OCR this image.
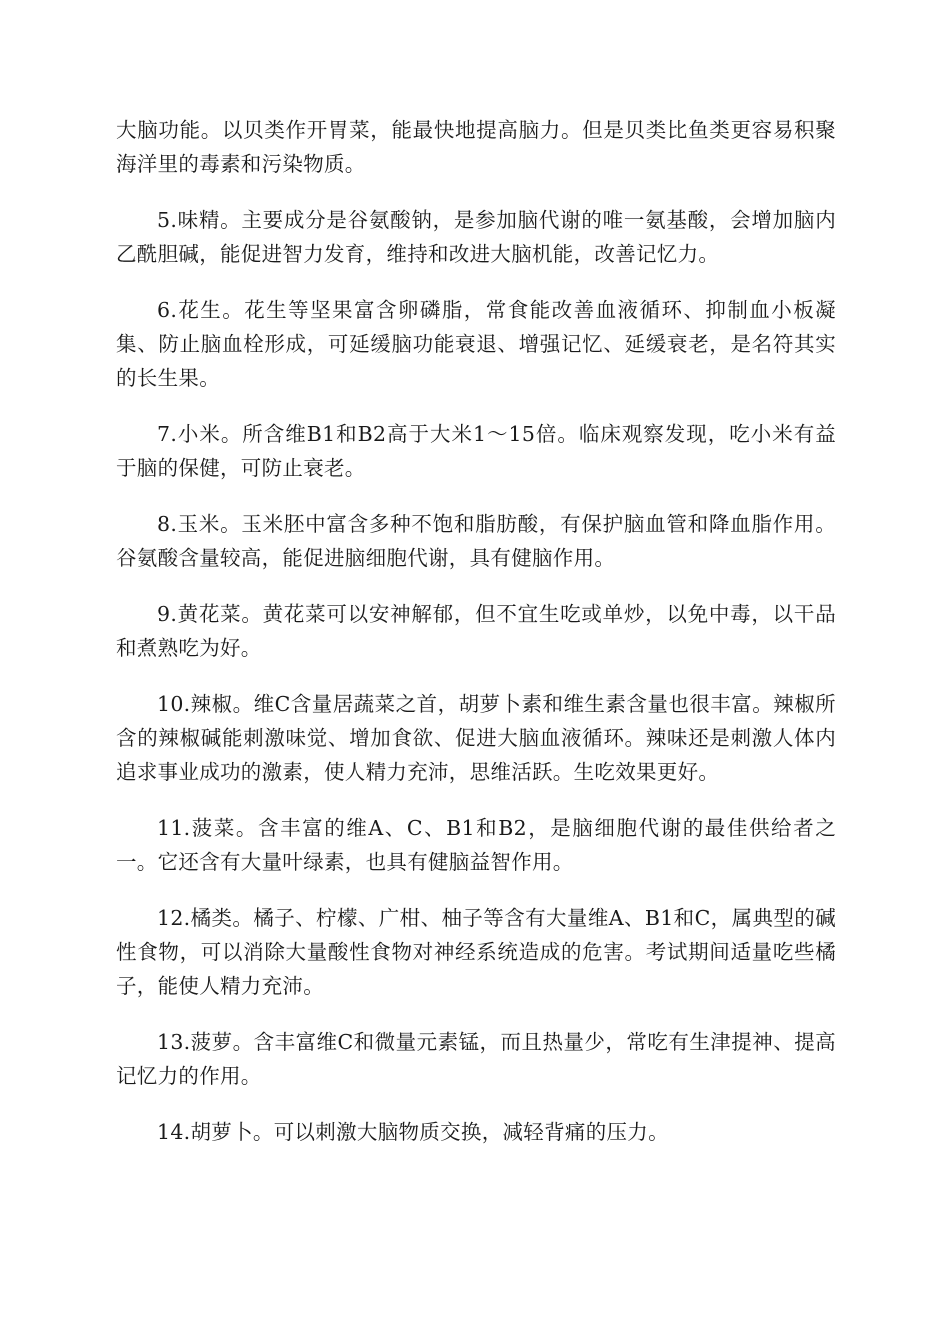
大脑功能。以贝类作开胃菜，能最快地提高脑力。但是贝类比鱼类更容易积聚海洋里的毒素和污染物质。

5.味精。主要成分是谷氨酸钠，是参加脑代谢的唯一氨基酸，会增加脑内乙酰胆碱，能促进智力发育，维持和改进大脑机能，改善记忆力。

6.花生。花生等坚果富含卵磷脂，常食能改善血液循环、抑制血小板凝集、防止脑血栓形成，可延缓脑功能衰退、增强记忆、延缓衰老，是名符其实的长生果。

7.小米。所含维B1和B2高于大米1～15倍。临床观察发现，吃小米有益于脑的保健，可防止衰老。

8.玉米。玉米胚中富含多种不饱和脂肪酸，有保护脑血管和降血脂作用。谷氨酸含量较高，能促进脑细胞代谢，具有健脑作用。

9.黄花菜。黄花菜可以安神解郁，但不宜生吃或单炒，以免中毒，以干品和煮熟吃为好。

10.辣椒。维C含量居蔬菜之首，胡萝卜素和维生素含量也很丰富。辣椒所含的辣椒碱能刺激味觉、增加食欲、促进大脑血液循环。辣味还是刺激人体内追求事业成功的激素，使人精力充沛，思维活跃。生吃效果更好。

11.菠菜。含丰富的维A、C、B1和B2，是脑细胞代谢的最佳供给者之一。它还含有大量叶绿素，也具有健脑益智作用。

12.橘类。橘子、柠檬、广柑、柚子等含有大量维A、B1和C，属典型的碱性食物，可以消除大量酸性食物对神经系统造成的危害。考试期间适量吃些橘子，能使人精力充沛。

13.菠萝。含丰富维C和微量元素锰，而且热量少，常吃有生津提神、提高记忆力的作用。

14.胡萝卜。可以刺激大脑物质交换，减轻背痛的压力。
